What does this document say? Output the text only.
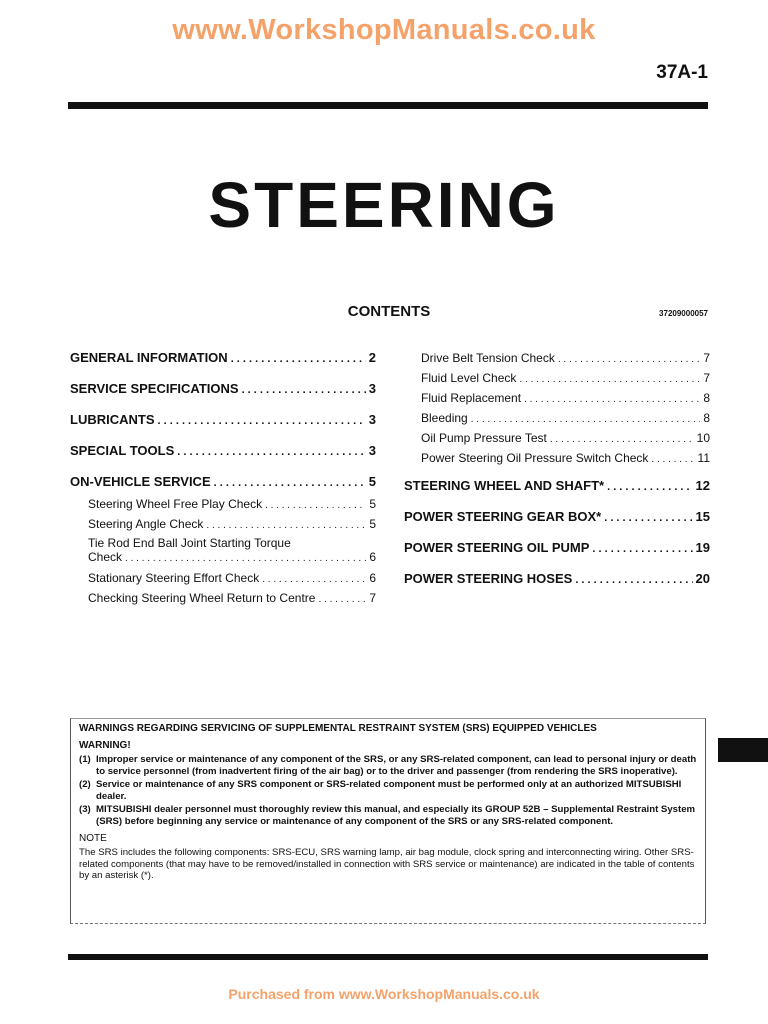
www.WorkshopManuals.co.uk
37A-1
STEERING
CONTENTS	37209000057
GENERAL INFORMATION . . .	2
SERVICE SPECIFICATIONS . . .	3
LUBRICANTS . . .	3
SPECIAL TOOLS . . .	3
ON-VEHICLE SERVICE . . .	5
Steering Wheel Free Play Check . . .	5
Steering Angle Check . . .	5
Tie Rod End Ball Joint Starting Torque
Check . . .	6
Stationary Steering Effort Check . . .	6
Checking Steering Wheel Return to Centre . . .	7
Drive Belt Tension Check . . .	7
Fluid Level Check . . .	7
Fluid Replacement . . .	8
Bleeding . . .	8
Oil Pump Pressure Test . . .	10
Power Steering Oil Pressure Switch Check . . .	11
STEERING WHEEL AND SHAFT* . . .	12
POWER STEERING GEAR BOX* . . .	15
POWER STEERING OIL PUMP . . .	19
POWER STEERING HOSES . . .	20
WARNINGS REGARDING SERVICING OF SUPPLEMENTAL RESTRAINT SYSTEM (SRS) EQUIPPED VEHICLES
WARNING!
(1) Improper service or maintenance of any component of the SRS, or any SRS-related component, can lead to personal injury or death to service personnel (from inadvertent firing of the air bag) or to the driver and passenger (from rendering the SRS inoperative).
(2) Service or maintenance of any SRS component or SRS-related component must be performed only at an authorized MITSUBISHI dealer.
(3) MITSUBISHI dealer personnel must thoroughly review this manual, and especially its GROUP 52B – Supplemental Restraint System (SRS) before beginning any service or maintenance of any component of the SRS or any SRS-related component.
NOTE
The SRS includes the following components: SRS-ECU, SRS warning lamp, air bag module, clock spring and interconnecting wiring. Other SRS-related components (that may have to be removed/installed in connection with SRS service or maintenance) are indicated in the table of contents by an asterisk (*).
Purchased from www.WorkshopManuals.co.uk
